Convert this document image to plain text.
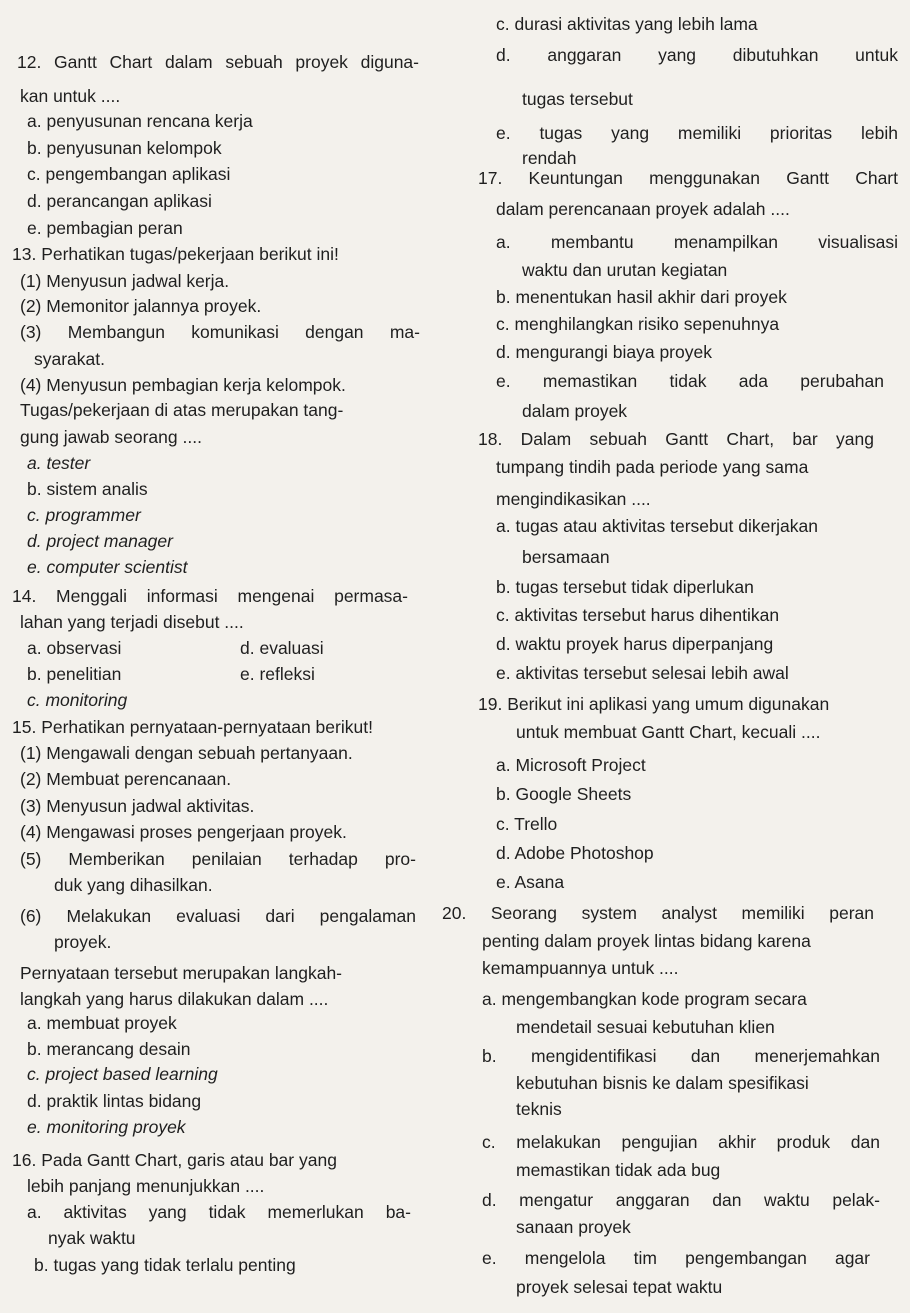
12. Gantt Chart dalam sebuah proyek diguna-
kan untuk ....
a. penyusunan rencana kerja
b. penyusunan kelompok
c. pengembangan aplikasi
d. perancangan aplikasi
e. pembagian peran
13. Perhatikan tugas/pekerjaan berikut ini!
(1) Menyusun jadwal kerja.
(2) Memonitor jalannya proyek.
(3) Membangun komunikasi dengan ma-
syarakat.
(4) Menyusun pembagian kerja kelompok.
Tugas/pekerjaan di atas merupakan tang-
gung jawab seorang ....
a. tester
b. sistem analis
c. programmer
d. project manager
e. computer scientist
14. Menggali informasi mengenai permasa-
lahan yang terjadi disebut ....
a. observasi	d. evaluasi
b. penelitian	e. refleksi
c. monitoring
15. Perhatikan pernyataan-pernyataan berikut!
(1) Mengawali dengan sebuah pertanyaan.
(2) Membuat perencanaan.
(3) Menyusun jadwal aktivitas.
(4) Mengawasi proses pengerjaan proyek.
(5) Memberikan penilaian terhadap pro-
duk yang dihasilkan.
(6) Melakukan evaluasi dari pengalaman
proyek.
Pernyataan tersebut merupakan langkah-
langkah yang harus dilakukan dalam ....
a. membuat proyek
b. merancang desain
c. project based learning
d. praktik lintas bidang
e. monitoring proyek
16. Pada Gantt Chart, garis atau bar yang
lebih panjang menunjukkan ....
a. aktivitas yang tidak memerlukan ba-
nyak waktu
b. tugas yang tidak terlalu penting
c. durasi aktivitas yang lebih lama
d. anggaran yang dibutuhkan untuk
tugas tersebut
e. tugas yang memiliki prioritas lebih
rendah
17. Keuntungan menggunakan Gantt Chart
dalam perencanaan proyek adalah ....
a. membantu menampilkan visualisasi
waktu dan urutan kegiatan
b. menentukan hasil akhir dari proyek
c. menghilangkan risiko sepenuhnya
d. mengurangi biaya proyek
e. memastikan tidak ada perubahan
dalam proyek
18. Dalam sebuah Gantt Chart, bar yang
tumpang tindih pada periode yang sama
mengindikasikan ....
a. tugas atau aktivitas tersebut dikerjakan
bersamaan
b. tugas tersebut tidak diperlukan
c. aktivitas tersebut harus dihentikan
d. waktu proyek harus diperpanjang
e. aktivitas tersebut selesai lebih awal
19. Berikut ini aplikasi yang umum digunakan
untuk membuat Gantt Chart, kecuali ....
a. Microsoft Project
b. Google Sheets
c. Trello
d. Adobe Photoshop
e. Asana
20. Seorang system analyst memiliki peran
penting dalam proyek lintas bidang karena
kemampuannya untuk ....
a. mengembangkan kode program secara
mendetail sesuai kebutuhan klien
b. mengidentifikasi dan menerjemahkan
kebutuhan bisnis ke dalam spesifikasi
teknis
c. melakukan pengujian akhir produk dan
memastikan tidak ada bug
d. mengatur anggaran dan waktu pelak-
sanaan proyek
e. mengelola tim pengembangan agar
proyek selesai tepat waktu
